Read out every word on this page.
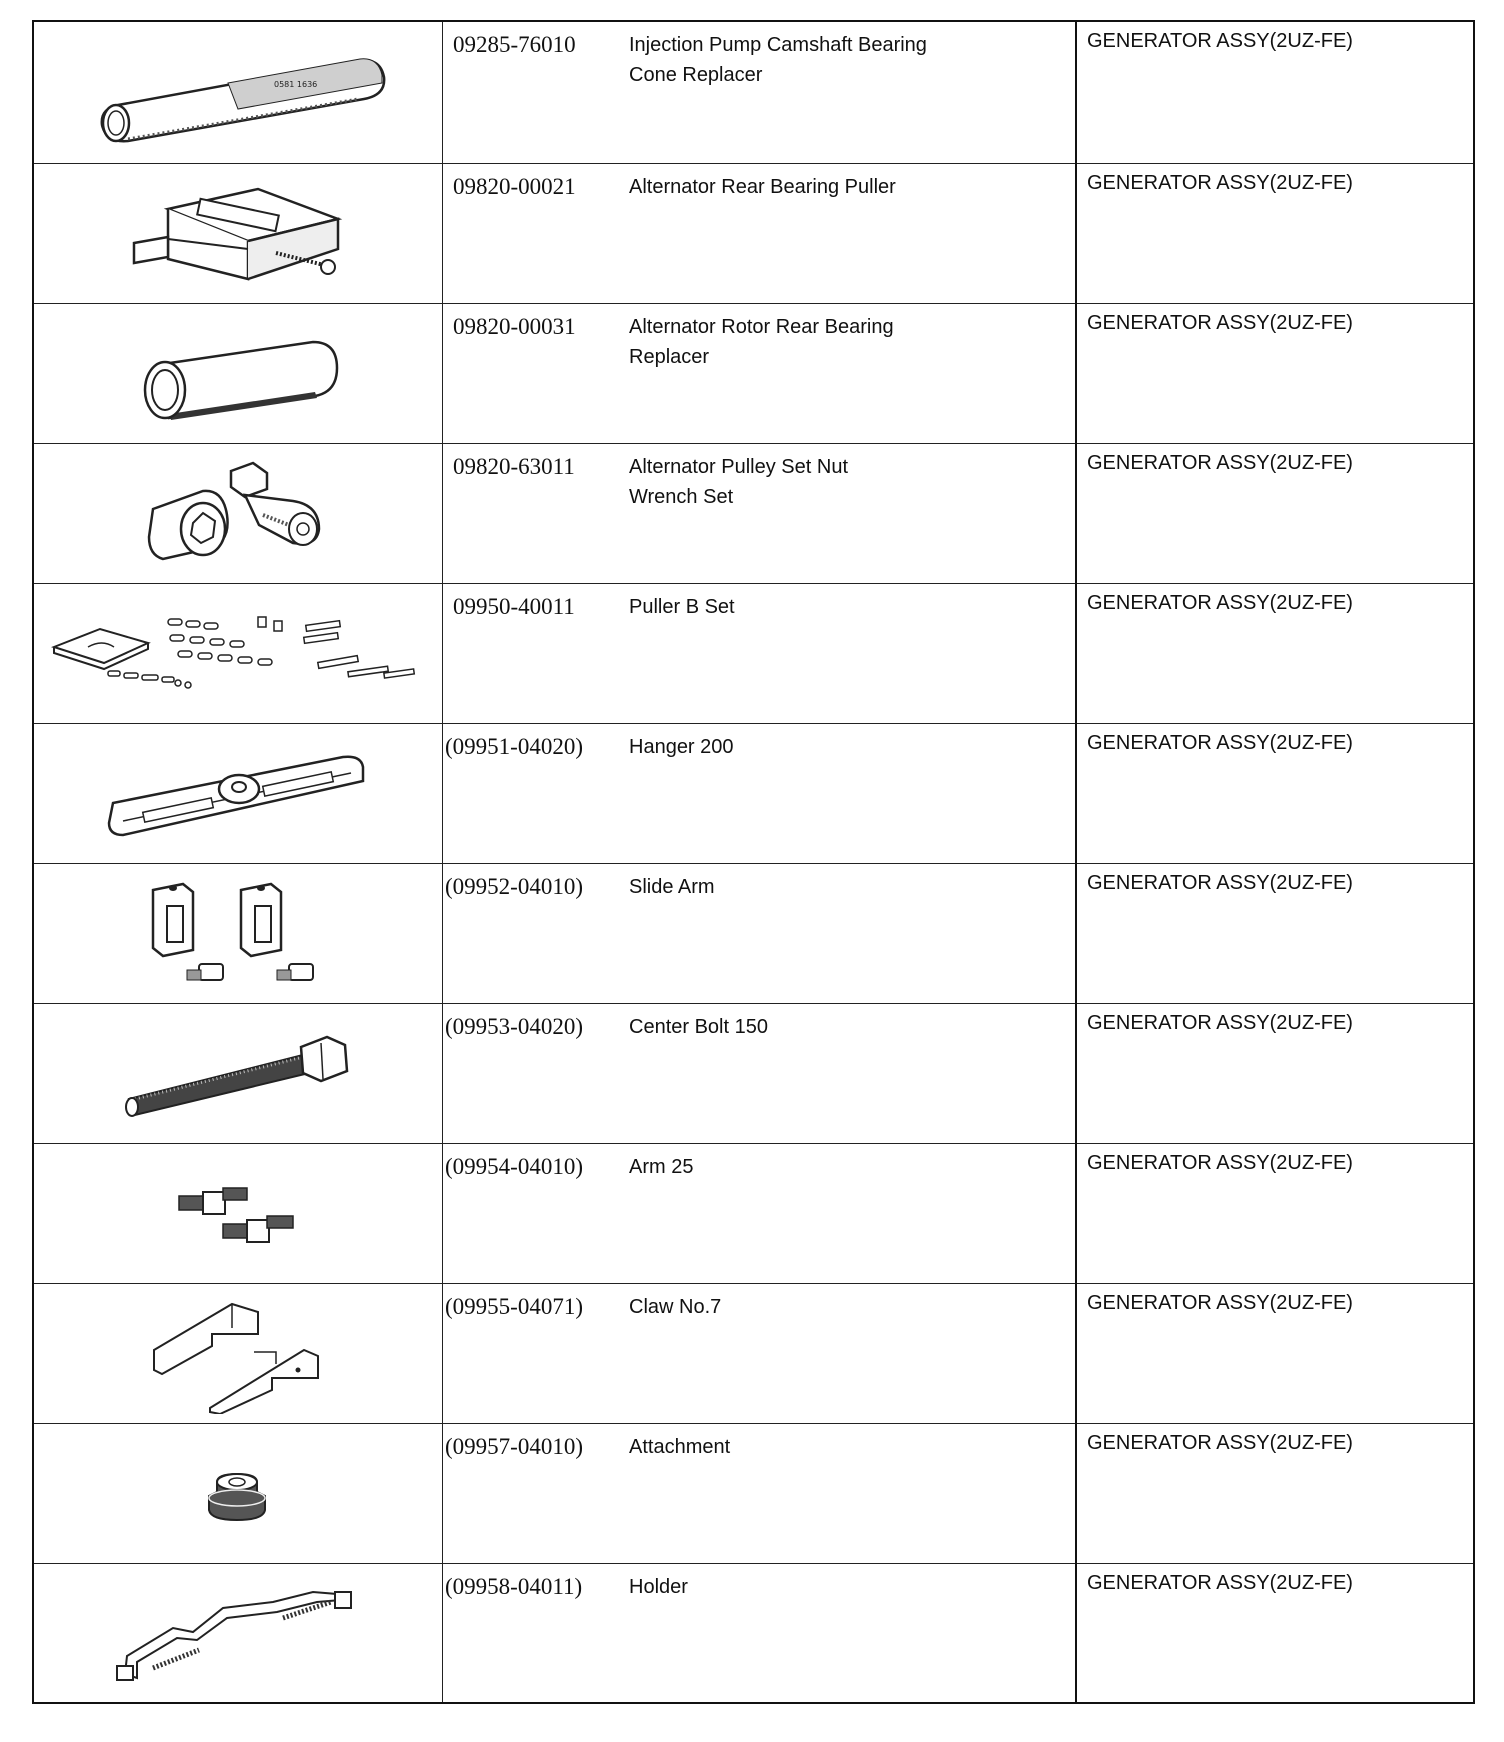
0581 1636	09285-76010	Injection Pump Camshaft Bearing
Cone Replacer	GENERATOR ASSY(2UZ-FE)

09820-00021	Alternator Rear Bearing Puller	GENERATOR ASSY(2UZ-FE)

09820-00031	Alternator Rotor Rear Bearing
Replacer	GENERATOR ASSY(2UZ-FE)

09820-63011	Alternator Pulley Set Nut
Wrench Set	GENERATOR ASSY(2UZ-FE)

09950-40011	Puller B Set	GENERATOR ASSY(2UZ-FE)

(09951-04020)	Hanger 200	GENERATOR ASSY(2UZ-FE)

(09952-04010)	Slide Arm	GENERATOR ASSY(2UZ-FE)

(09953-04020)	Center Bolt 150	GENERATOR ASSY(2UZ-FE)

(09954-04010)	Arm 25	GENERATOR ASSY(2UZ-FE)

(09955-04071)	Claw No.7	GENERATOR ASSY(2UZ-FE)

(09957-04010)	Attachment	GENERATOR ASSY(2UZ-FE)

(09958-04011)	Holder	GENERATOR ASSY(2UZ-FE)
